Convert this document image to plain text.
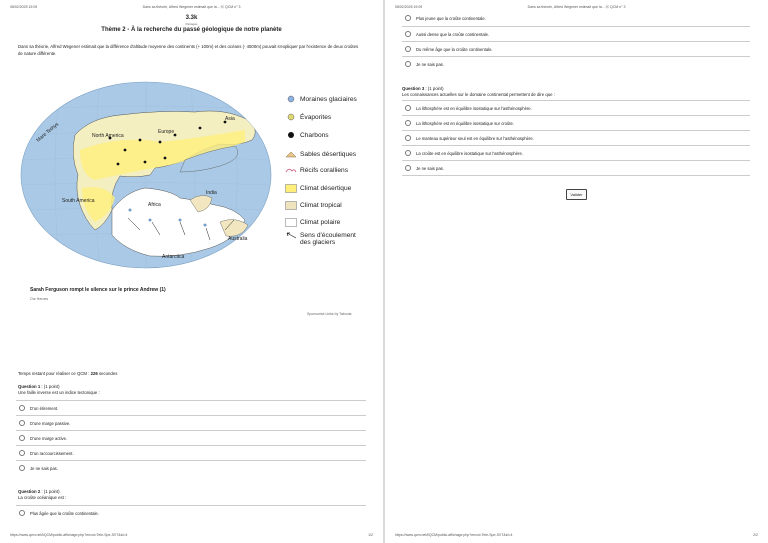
08/02/2025 19:09	Dans sa théorie, Alfred Wegener estimait que la... Ⓜ QCM n° 3
3.3k
Partages
Thème 2 - À la recherche du passé géologique de notre planète
Dans sa théorie, Alfred Wegener estimait que la différence d'altitude moyenne des continents (+ 100m) et des océans (- 4500m) pouvait s'expliquer par l'existence de deux croûtes de nature différente.
North America
Europe
Asia
South America
Africa
India
Australia
Antarctica
Mare Tethys
Moraines glaciaires
Évaporites
Charbons
Sables désertiques
Récifs coralliens
Climat désertique
Climat tropical
Climat polaire
Sens d'écoulement des glaciers
Sarah Ferguson rompt le silence sur le prince Andrew (1)
Our Heroes
Sponsorisé Links by Taboola
Temps restant pour réaliser ce QCM : 226 secondes
Question 1 : (1 point)
Une faille inverse est un indice tectonique :
D'un étirement.
D'une marge passive.
D'une marge active.
D'un raccourcissement.
Je ne sais pas.
Question 2 : (1 point)
La croûte océanique est :
Plus âgée que la croûte continentale.
https://www.qcm.net/liQCM/public-affichage.php?envoi=Tele-Spe-SVT&id=4	1/2
08/02/2025 19:09	Dans sa théorie, Alfred Wegener estimait que la... Ⓜ QCM n° 3
Plus jeune que la croûte continentale.
Aussi dense que la croûte continentale.
Du même âge que la croûte continentale.
Je ne sais pas.
Question 3 : (1 point)
Les connaissances actuelles sur le domaine continental permettent de dire que :
La lithosphère est en équilibre isostatique sur l'asthénosphère.
La lithosphère est en équilibre isostatique sur croûte.
Le manteau supérieur seul est en équilibre sur l'asthénosphère.
La croûte est en équilibre isostatique sur l'asthénosphère.
Je ne sais pas.
Valider
https://www.qcm.net/liQCM/public-affichage.php?envoi=Tele-Spe-SVT&id=4	2/2
